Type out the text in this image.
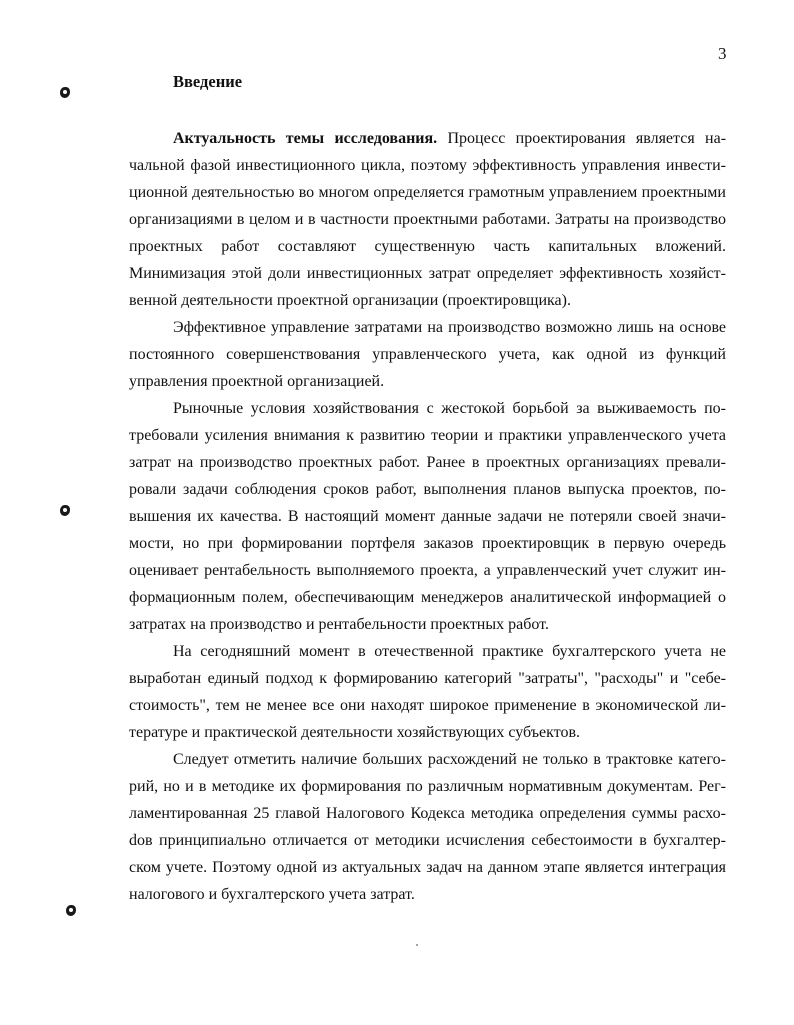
3
Введение

Актуальность темы исследования. Процесс проектирования является начальной фазой инвестиционного цикла, поэтому эффективность управления инвестиционной деятельностью во многом определяется грамотным управлением проектными организациями в целом и в частности проектными работами. Затраты на производство проектных работ составляют существенную часть капитальных вложений. Минимизация этой доли инвестиционных затрат определяет эффективность хозяйственной деятельности проектной организации (проектировщика).

Эффективное управление затратами на производство возможно лишь на основе постоянного совершенствования управленческого учета, как одной из функций управления проектной организацией.

Рыночные условия хозяйствования с жестокой борьбой за выживаемость потребовали усиления внимания к развитию теории и практики управленческого учета затрат на производство проектных работ. Ранее в проектных организациях превалировали задачи соблюдения сроков работ, выполнения планов выпуска проектов, повышения их качества. В настоящий момент данные задачи не потеряли своей значимости, но при формировании портфеля заказов проектировщик в первую очередь оценивает рентабельность выполняемого проекта, а управленческий учет служит информационным полем, обеспечивающим менеджеров аналитической информацией о затратах на производство и рентабельности проектных работ.

На сегодняшний момент в отечественной практике бухгалтерского учета не выработан единый подход к формированию категорий "затраты", "расходы" и "себестоимость", тем не менее все они находят широкое применение в экономической литературе и практической деятельности хозяйствующих субъектов.

Следует отметить наличие больших расхождений не только в трактовке категорий, но и в методике их формирования по различным нормативным документам. Регламентированная 25 главой Налогового Кодекса методика определения суммы расхоdов принципиально отличается от методики исчисления себестоимости в бухгалтерском учете. Поэтому одной из актуальных задач на данном этапе является интеграция налогового и бухгалтерского учета затрат.
